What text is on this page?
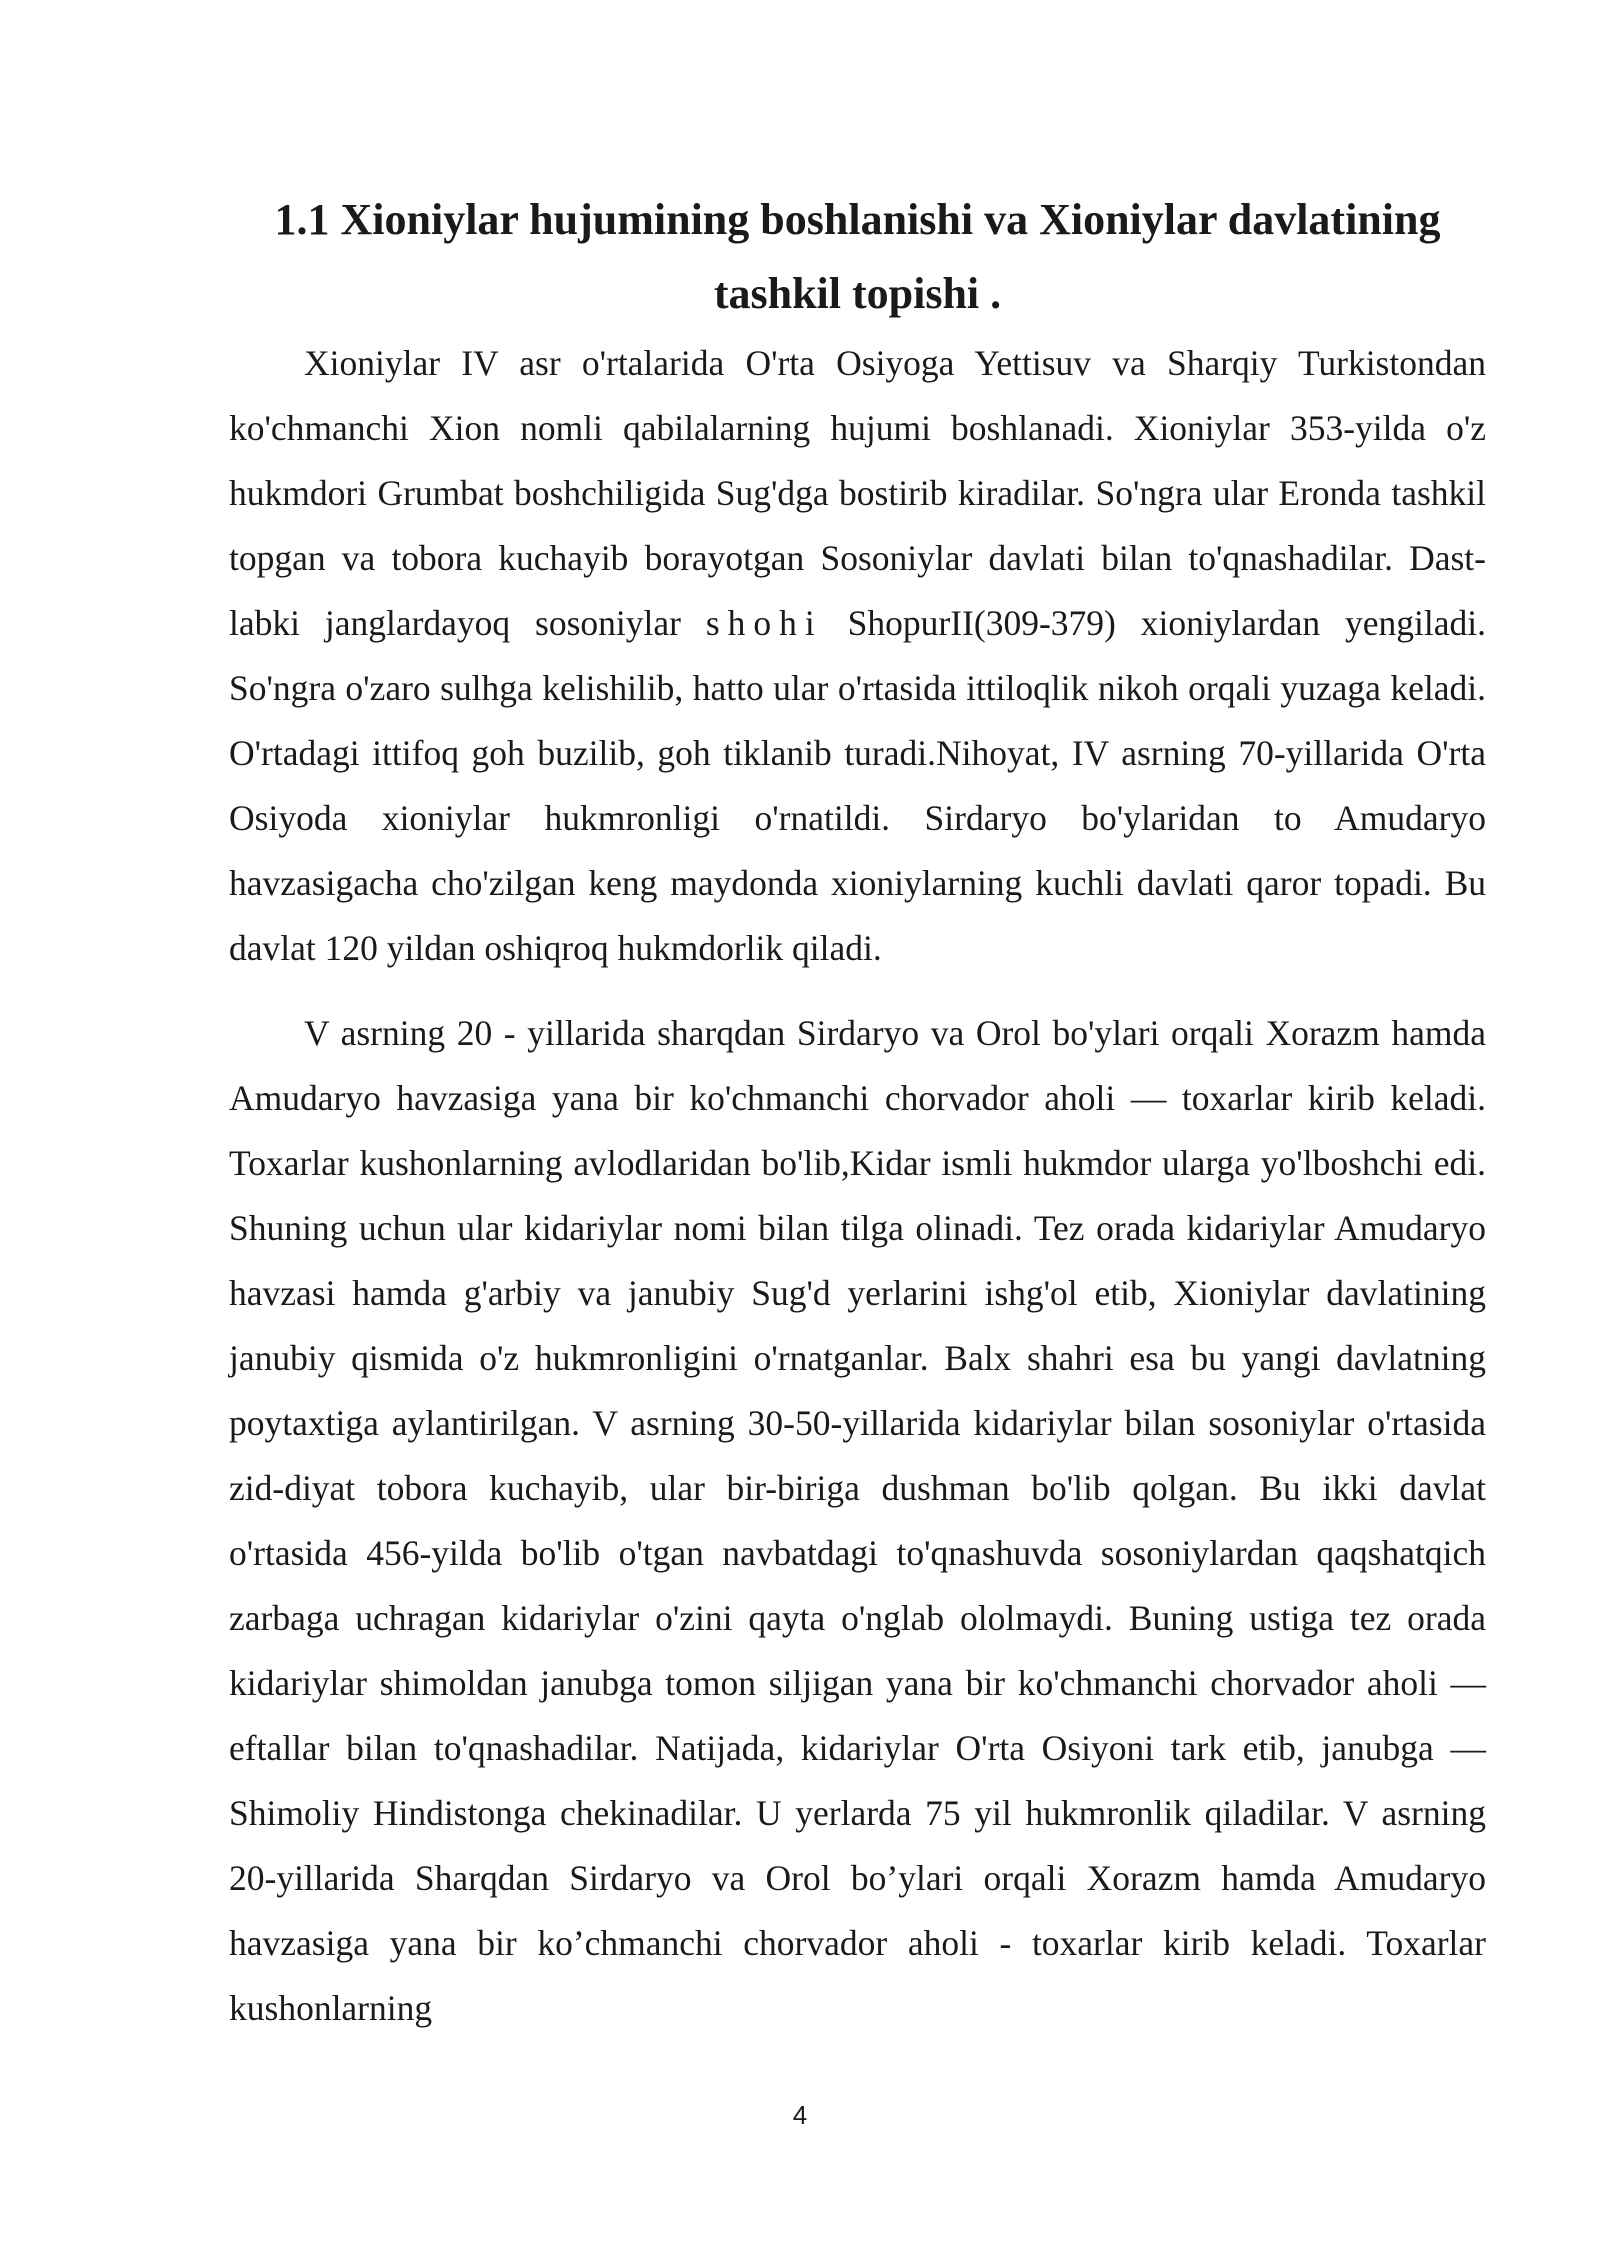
1.1 Xioniylar hujumining boshlanishi va Xioniylar davlatining tashkil topishi .

Xioniylar IV asr o'rtalarida O'rta Osiyoga Yettisuv va Sharqiy Turkistondan ko'chmanchi Xion nomli qabilalarning hujumi boshlanadi. Xioniylar 353-yilda o'z hukmdori Grumbat boshchiligida Sug'dga bostirib kiradilar. So'ngra ular Eronda tashkil topgan va tobora kuchayib borayotgan Sosoniylar davlati bilan to'qnashadilar. Dast-labki janglardayoq sosoniylar shohi ShopurII(309-379) xioniylardan yengiladi. So'ngra o'zaro sulhga kelishilib, hatto ular o'rtasida ittiloqlik nikoh orqali yuzaga keladi. O'rtadagi ittifoq goh buzilib, goh tiklanib turadi.Nihoyat, IV asrning 70-yillarida O'rta Osiyoda xioniylar hukmronligi o'rnatildi. Sirdaryo bo'ylaridan to Amudaryo havzasigacha cho'zilgan keng maydonda xioniylarning kuchli davlati qaror topadi. Bu davlat 120 yildan oshiqroq hukmdorlik qiladi.

V asrning 20 - yillarida sharqdan Sirdaryo va Orol bo'ylari orqali Xorazm hamda Amudaryo havzasiga yana bir ko'chmanchi chorvador aholi — toxarlar kirib keladi. Toxarlar kushonlarning avlodlaridan bo'lib,Kidar ismli hukmdor ularga yo'lboshchi edi. Shuning uchun ular kidariylar nomi bilan tilga olinadi. Tez orada kidariylar Amudaryo havzasi hamda g'arbiy va janubiy Sug'd yerlarini ishg'ol etib, Xioniylar davlatining janubiy qismida o'z hukmronligini o'rnatganlar. Balx shahri esa bu yangi davlatning poytaxtiga aylantirilgan. V asrning 30-50-yillarida kidariylar bilan sosoniylar o'rtasida zid-diyat tobora kuchayib, ular bir-biriga dushman bo'lib qolgan. Bu ikki davlat o'rtasida 456-yilda bo'lib o'tgan navbatdagi to'qnashuvda sosoniylardan qaqshatqich zarbaga uchragan kidariylar o'zini qayta o'nglab ololmaydi. Buning ustiga tez orada kidariylar shimoldan janubga tomon siljigan yana bir ko'chmanchi chorvador aholi — eftallar bilan to'qnashadilar. Natijada, kidariylar O'rta Osiyoni tark etib, janubga — Shimoliy Hindistonga chekinadilar. U yerlarda 75 yil hukmronlik qiladilar. V asrning 20-yillarida Sharqdan Sirdaryo va Orol bo’ylari orqali Xorazm hamda Amudaryo havzasiga yana bir ko’chmanchi chorvador aholi - toxarlar kirib keladi. Toxarlar kushonlarning

4
